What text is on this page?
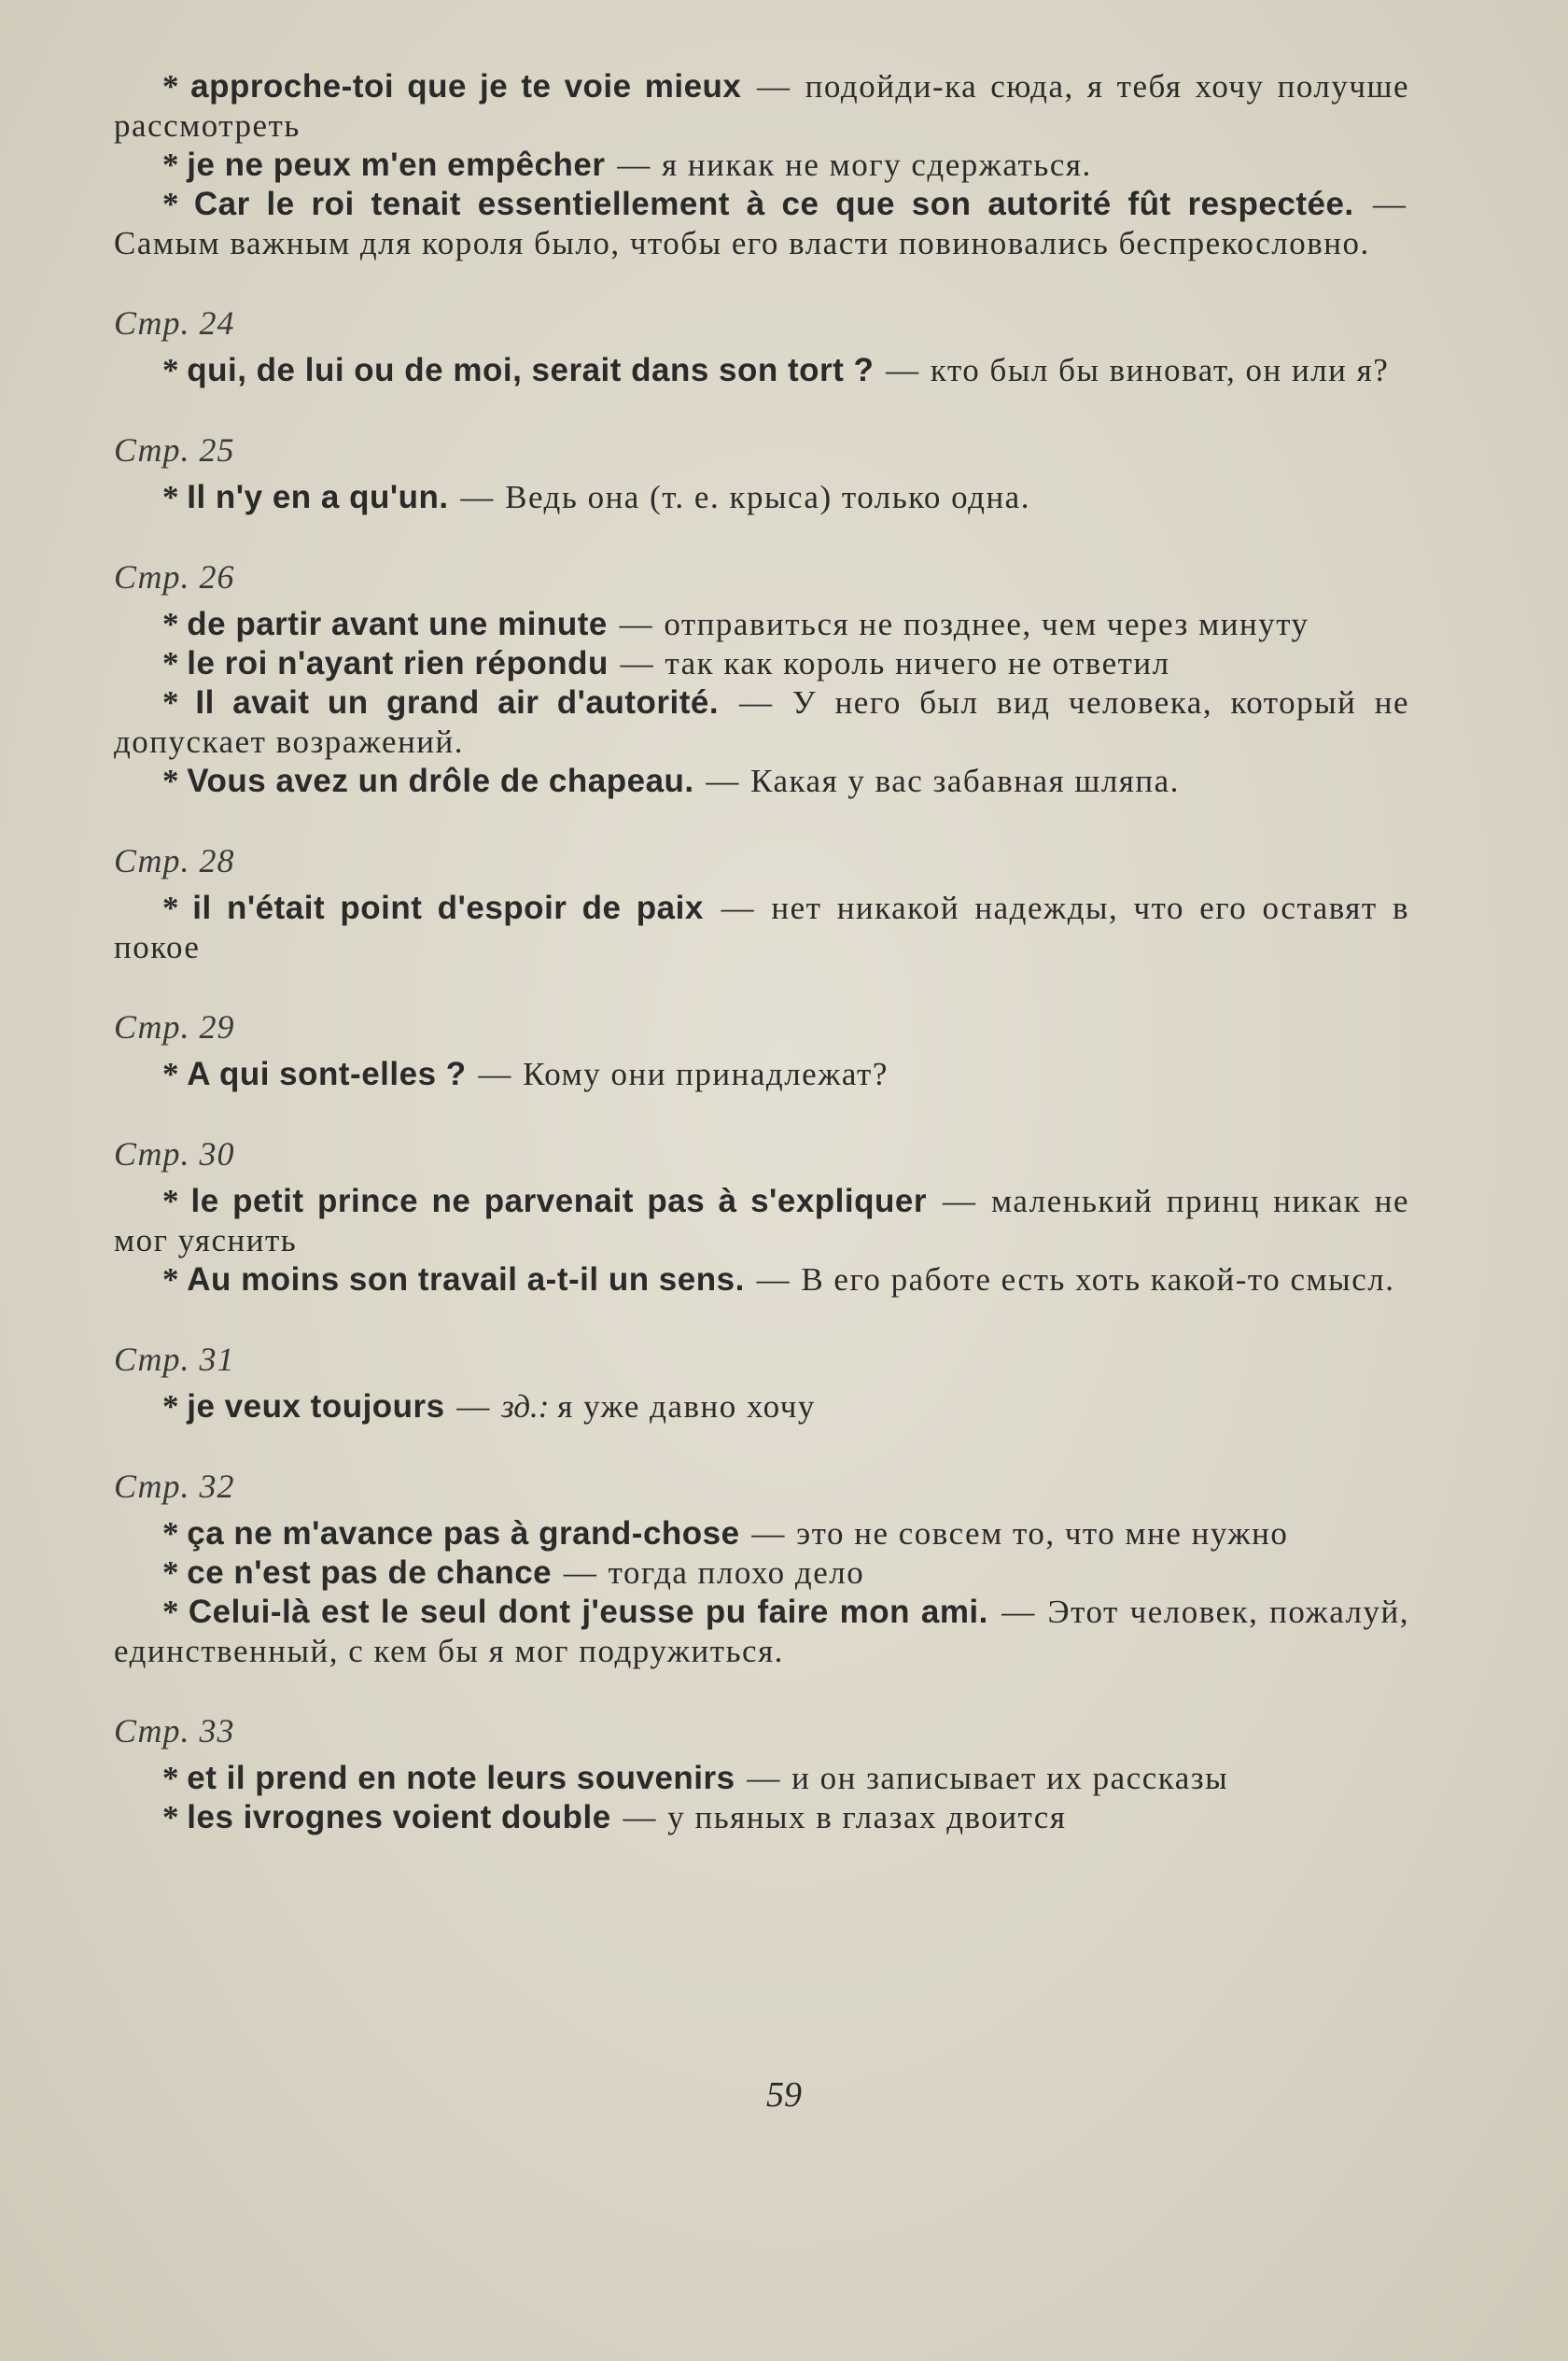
* approche-toi que je te voie mieux — подойди-ка сюда, я тебя хочу получше рассмотреть

* je ne peux m'en empêcher — я никак не могу сдержаться.

* Car le roi tenait essentiellement à ce que son autorité fût respectée. — Самым важным для короля было, чтобы его власти повиновались беспрекословно.

Стр. 24

* qui, de lui ou de moi, serait dans son tort ? — кто был бы виноват, он или я?

Стр. 25

* Il n'y en a qu'un. — Ведь она (т. е. крыса) только одна.

Стр. 26

* de partir avant une minute — отправиться не позднее, чем через минуту

* le roi n'ayant rien répondu — так как король ничего не ответил

* Il avait un grand air d'autorité. — У него был вид человека, который не допускает возражений.

* Vous avez un drôle de chapeau. — Какая у вас забавная шляпа.

Стр. 28

* il n'était point d'espoir de paix — нет никакой надежды, что его оставят в покое

Стр. 29

* A qui sont-elles ? — Кому они принадлежат?

Стр. 30

* le petit prince ne parvenait pas à s'expliquer — маленький принц никак не мог уяснить

* Au moins son travail a-t-il un sens. — В его работе есть хоть какой-то смысл.

Стр. 31

* je veux toujours — зд.: я уже давно хочу

Стр. 32

* ça ne m'avance pas à grand-chose — это не совсем то, что мне нужно

* ce n'est pas de chance — тогда плохо дело

* Celui-là est le seul dont j'eusse pu faire mon ami. — Этот человек, пожалуй, единственный, с кем бы я мог подружиться.

Стр. 33

* et il prend en note leurs souvenirs — и он записывает их рассказы

* les ivrognes voient double — у пьяных в глазах двоится

59
